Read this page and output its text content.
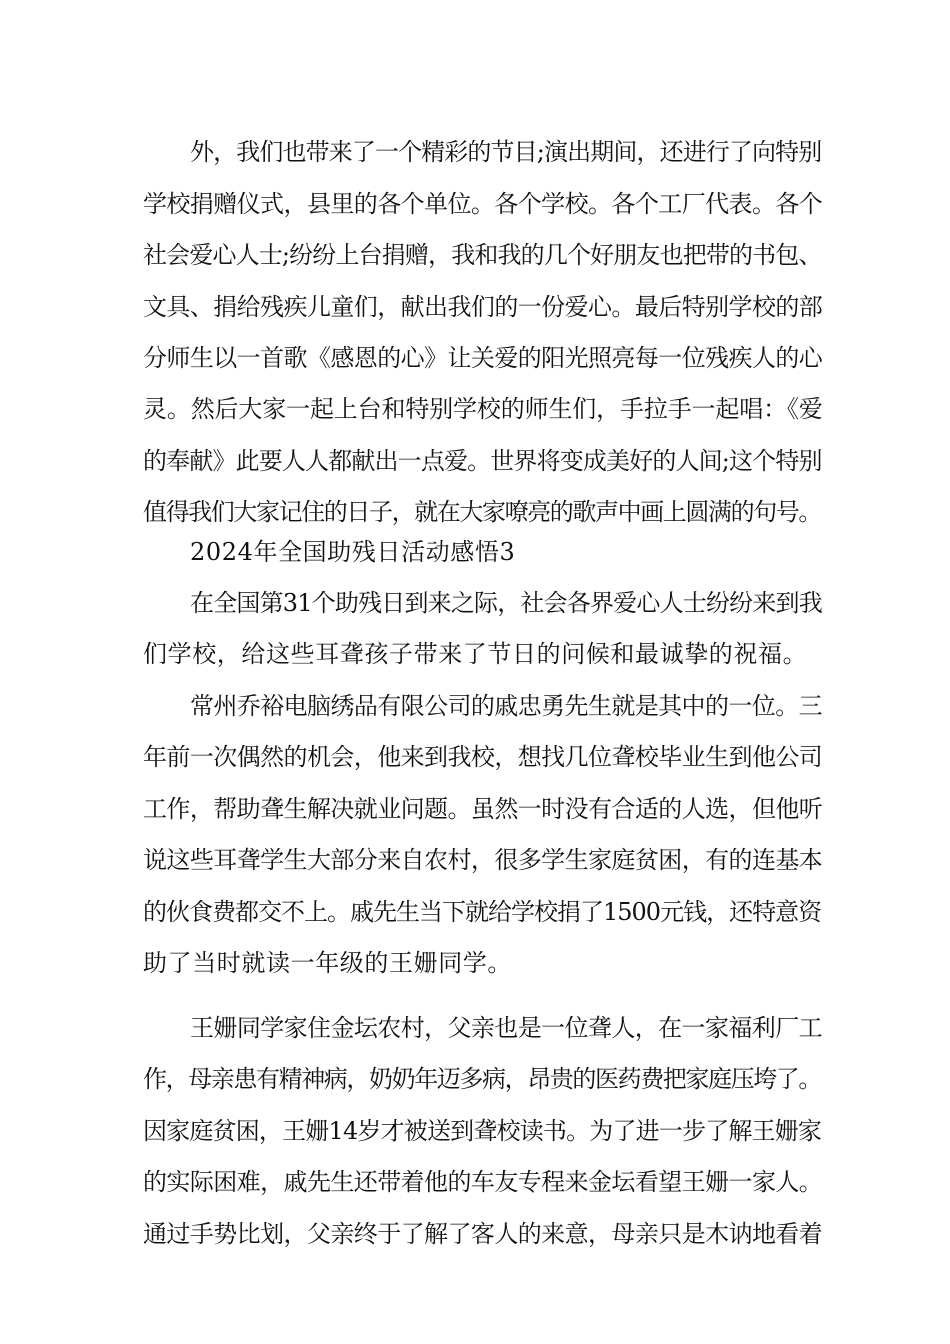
外，我们也带来了一个精彩的节目;演出期间，还进行了向特别
学校捐赠仪式，县里的各个单位。各个学校。各个工厂代表。各个
社会爱心人士;纷纷上台捐赠，我和我的几个好朋友也把带的书包、
文具、捐给残疾儿童们，献出我们的一份爱心。最后特别学校的部
分师生以一首歌《感恩的心》让关爱的阳光照亮每一位残疾人的心
灵。然后大家一起上台和特别学校的师生们，手拉手一起唱：《爱
的奉献》此要人人都献出一点爱。世界将变成美好的人间;这个特别
值得我们大家记住的日子，就在大家嘹亮的歌声中画上圆满的句号。
2024年全国助残日活动感悟3
在全国第31个助残日到来之际，社会各界爱心人士纷纷来到我
们学校，给这些耳聋孩子带来了节日的问候和最诚挚的祝福。
常州乔裕电脑绣品有限公司的戚忠勇先生就是其中的一位。三
年前一次偶然的机会，他来到我校，想找几位聋校毕业生到他公司
工作，帮助聋生解决就业问题。虽然一时没有合适的人选，但他听
说这些耳聋学生大部分来自农村，很多学生家庭贫困，有的连基本
的伙食费都交不上。戚先生当下就给学校捐了1500元钱，还特意资
助了当时就读一年级的王姗同学。
王姗同学家住金坛农村，父亲也是一位聋人，在一家福利厂工
作，母亲患有精神病，奶奶年迈多病，昂贵的医药费把家庭压垮了。
因家庭贫困，王姗14岁才被送到聋校读书。为了进一步了解王姗家
的实际困难，戚先生还带着他的车友专程来金坛看望王姗一家人。
通过手势比划，父亲终于了解了客人的来意，母亲只是木讷地看着
